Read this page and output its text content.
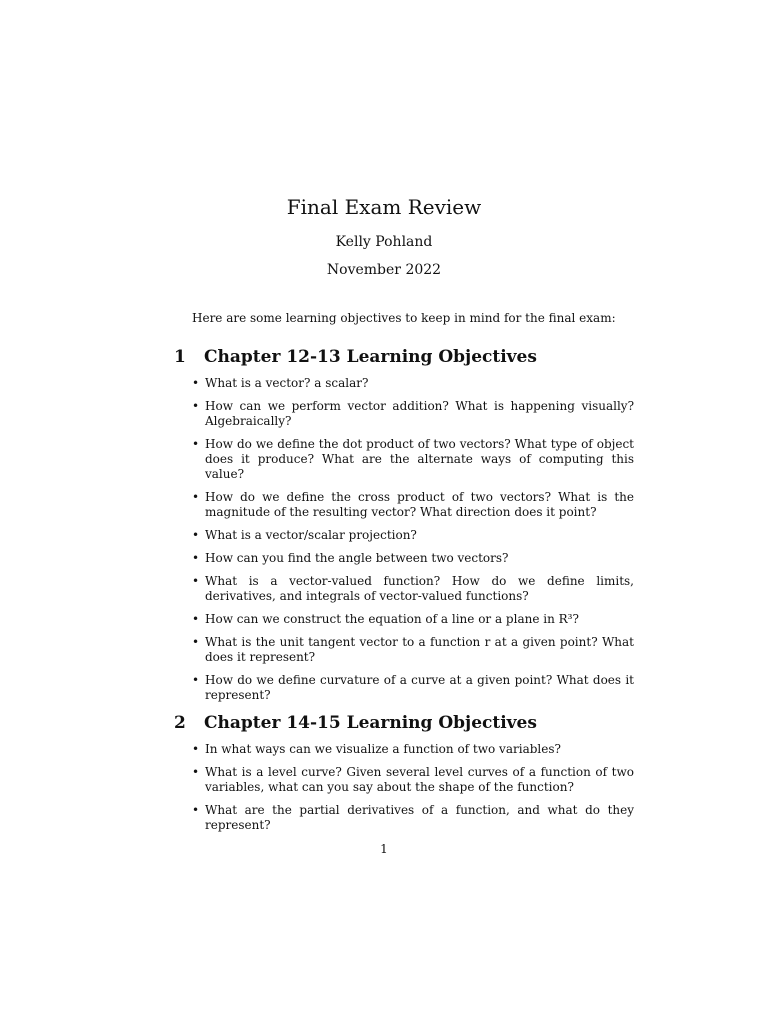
Final Exam Review
Kelly Pohland
November 2022
Here are some learning objectives to keep in mind for the final exam:
1 Chapter 12-13 Learning Objectives
• What is a vector? a scalar?
• How can we perform vector addition? What is happening visually? Algebraically?
• How do we define the dot product of two vectors? What type of object does it produce? What are the alternate ways of computing this value?
• How do we define the cross product of two vectors? What is the magnitude of the resulting vector? What direction does it point?
• What is a vector/scalar projection?
• How can you find the angle between two vectors?
• What is a vector-valued function? How do we define limits, derivatives, and integrals of vector-valued functions?
• How can we construct the equation of a line or a plane in R³?
• What is the unit tangent vector to a function r at a given point? What does it represent?
• How do we define curvature of a curve at a given point? What does it represent?
2 Chapter 14-15 Learning Objectives
• In what ways can we visualize a function of two variables?
• What is a level curve? Given several level curves of a function of two variables, what can you say about the shape of the function?
• What are the partial derivatives of a function, and what do they represent?
1
